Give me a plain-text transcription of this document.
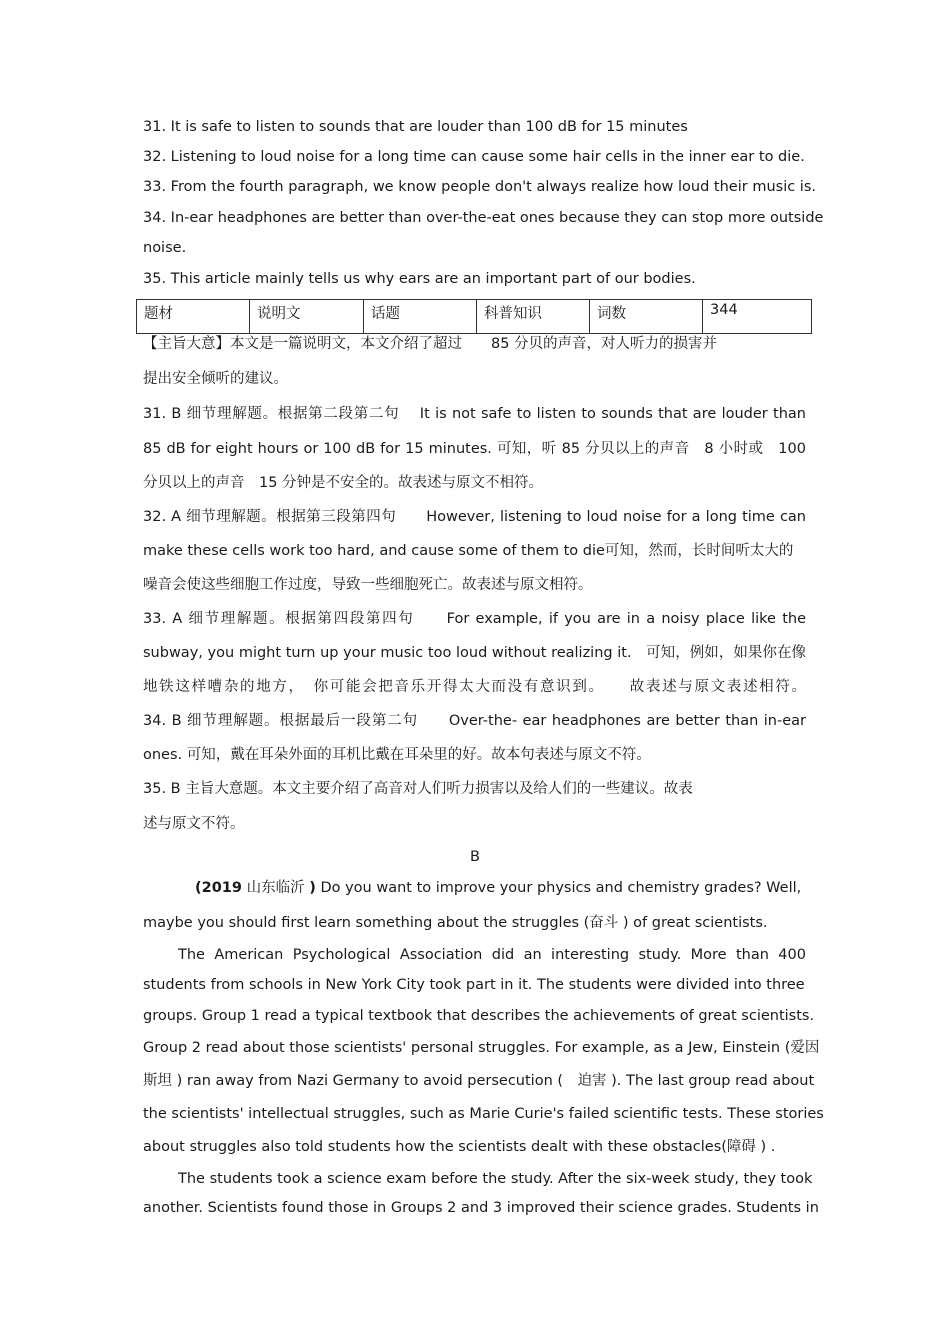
31. It is safe to listen to sounds that are louder than 100 dB for 15 minutes
32. Listening to loud noise for a long time can cause some hair cells in the inner ear to die.
33. From the fourth paragraph, we know people don't always realize how loud their music is.
34. In-ear headphones are better than over-the-eat ones because they can stop more outside
noise.
35. This article mainly tells us why ears are an important part of our bodies.
题材	说明文	话题	科普知识	词数	344
【主旨大意】本文是一篇说明文，本文介绍了超过　　85 分贝的声音，对人听力的损害并
提出安全倾听的建议。
31. B 细节理解题。根据第二段第二句　 It is not safe to listen to sounds that are louder than
85 dB for eight hours or 100 dB for 15 minutes. 可知，听 85 分贝以上的声音　8 小时或　100
分贝以上的声音　15 分钟是不安全的。故表述与原文不相符。
32. A 细节理解题。根据第三段第四句　　However, listening to loud noise for a long time can
make these cells work too hard, and cause some of them to die可知，然而，长时间听太大的
噪音会使这些细胞工作过度，导致一些细胞死亡。故表述与原文相符。
33. A 细节理解题。根据第四段第四句　　For example, if you are in a noisy place like the
subway, you might turn up your music too loud without realizing it.　可知，例如，如果你在像
地铁这样嘈杂的地方，　你可能会把音乐开得太大而没有意识到。　　故表述与原文表述相符。
34. B 细节理解题。根据最后一段第二句　　Over-the- ear headphones are better than in-ear
ones. 可知，戴在耳朵外面的耳机比戴在耳朵里的好。故本句表述与原文不符。
35. B 主旨大意题。本文主要介绍了高音对人们听力损害以及给人们的一些建议。故表
述与原文不符。
B
(2019 山东临沂 ) Do you want to improve your physics and chemistry grades? Well,
maybe you should first learn something about the struggles (奋斗 ) of great scientists.
The American Psychological Association did an interesting study. More than 400
students from schools in New York City took part in it. The students were divided into three
groups. Group 1 read a typical textbook that describes the achievements of great scientists.
Group 2 read about those scientists' personal struggles. For example, as a Jew, Einstein (爱因
斯坦 ) ran away from Nazi Germany to avoid persecution (　迫害 ). The last group read about
the scientists' intellectual struggles, such as Marie Curie's failed scientific tests. These stories
about struggles also told students how the scientists dealt with these obstacles(障碍 ) .
The students took a science exam before the study. After the six-week study, they took
another. Scientists found those in Groups 2 and 3 improved their science grades. Students in
